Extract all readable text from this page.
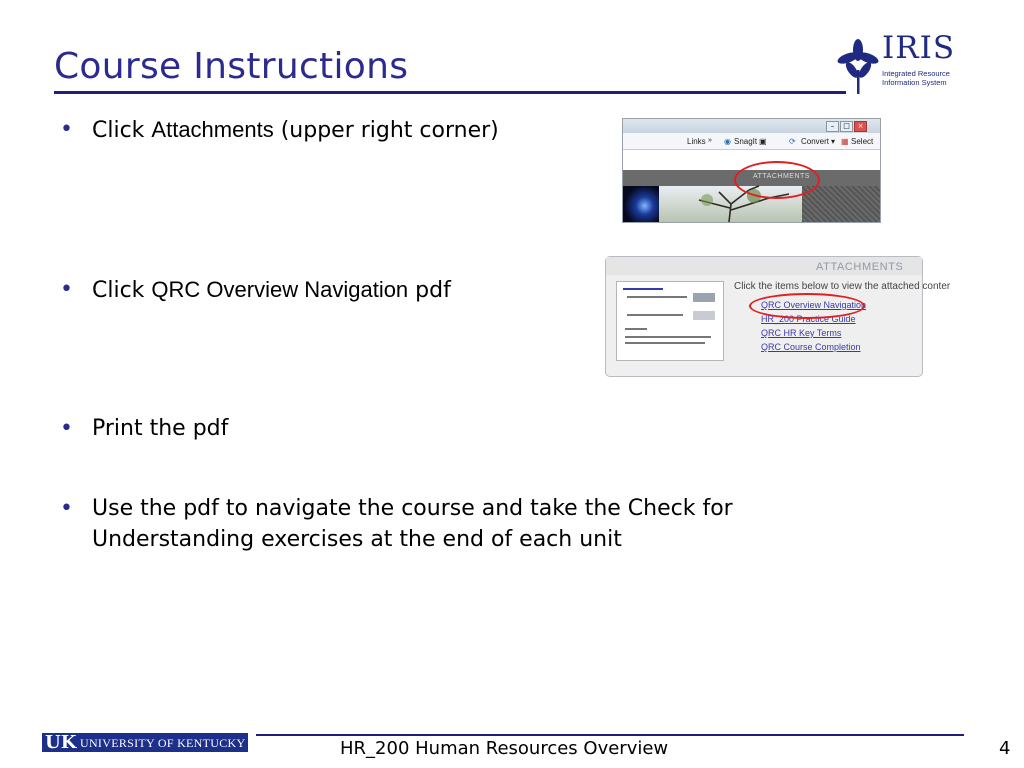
Course Instructions	IRIS
Integrated Resource
Information System
• Click Attachments (upper right corner)	–	□	×
Links » ◉ SnagIt ▣	⟳ Convert ▾ ▦ Select
ATTACHMENTS
• Click QRC Overview Navigation pdf
ATTACHMENTS
Click the items below to view the attached conter
QRC Overview Navigation
HR_200 Practice Guide
QRC HR Key Terms
QRC Course Completion
• Print the pdf
• Use the pdf to navigate the course and take the Check for Understanding exercises at the end of each unit
UK UNIVERSITY OF KENTUCKY	HR_200 Human Resources Overview	4
